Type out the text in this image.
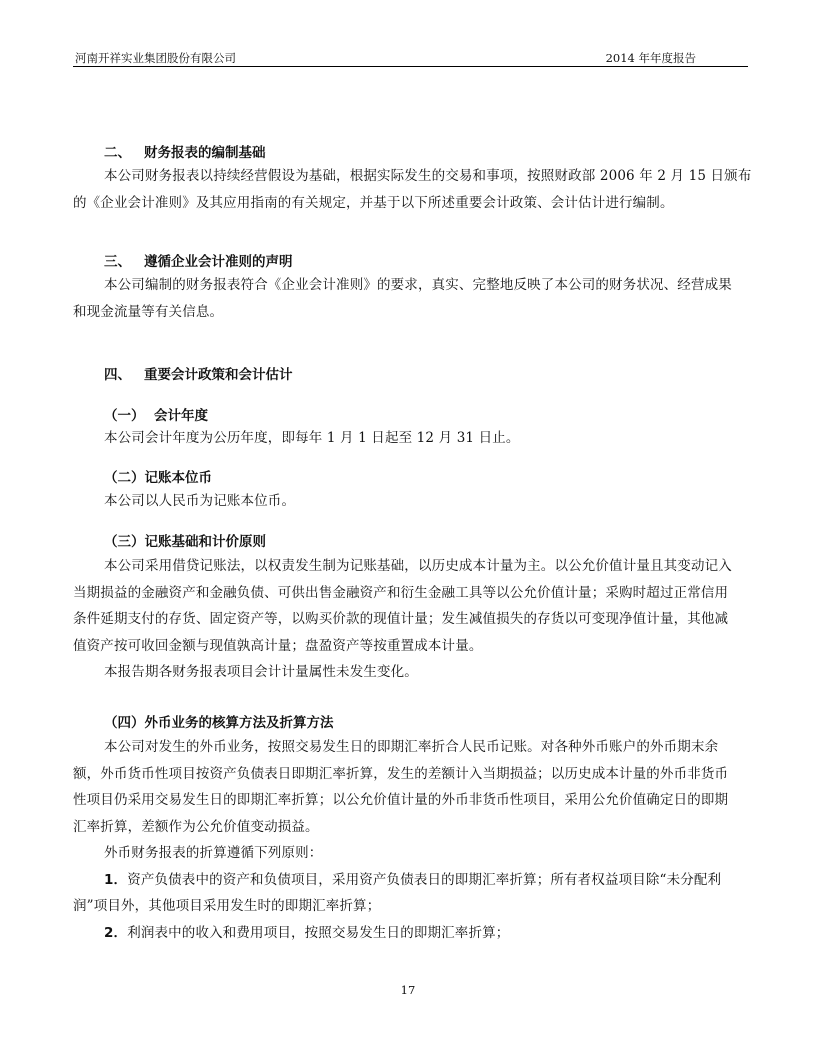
河南开祥实业集团股份有限公司	2014 年年度报告
二、 财务报表的编制基础
本公司财务报表以持续经营假设为基础，根据实际发生的交易和事项，按照财政部 2006 年 2 月 15 日颁布
的《企业会计准则》及其应用指南的有关规定，并基于以下所述重要会计政策、会计估计进行编制。
三、 遵循企业会计准则的声明
本公司编制的财务报表符合《企业会计准则》的要求，真实、完整地反映了本公司的财务状况、经营成果
和现金流量等有关信息。
四、 重要会计政策和会计估计
（一） 会计年度
本公司会计年度为公历年度，即每年 1 月 1 日起至 12 月 31 日止。
（二）记账本位币
本公司以人民币为记账本位币。
（三）记账基础和计价原则
本公司采用借贷记账法，以权责发生制为记账基础，以历史成本计量为主。以公允价值计量且其变动记入
当期损益的金融资产和金融负债、可供出售金融资产和衍生金融工具等以公允价值计量；采购时超过正常信用
条件延期支付的存货、固定资产等，以购买价款的现值计量；发生减值损失的存货以可变现净值计量，其他减
值资产按可收回金额与现值孰高计量；盘盈资产等按重置成本计量。
本报告期各财务报表项目会计计量属性未发生变化。
（四）外币业务的核算方法及折算方法
本公司对发生的外币业务，按照交易发生日的即期汇率折合人民币记账。对各种外币账户的外币期末余
额，外币货币性项目按资产负债表日即期汇率折算，发生的差额计入当期损益；以历史成本计量的外币非货币
性项目仍采用交易发生日的即期汇率折算；以公允价值计量的外币非货币性项目，采用公允价值确定日的即期
汇率折算，差额作为公允价值变动损益。
外币财务报表的折算遵循下列原则：
1．资产负债表中的资产和负债项目，采用资产负债表日的即期汇率折算；所有者权益项目除“未分配利
润”项目外，其他项目采用发生时的即期汇率折算；
2．利润表中的收入和费用项目，按照交易发生日的即期汇率折算；
17
